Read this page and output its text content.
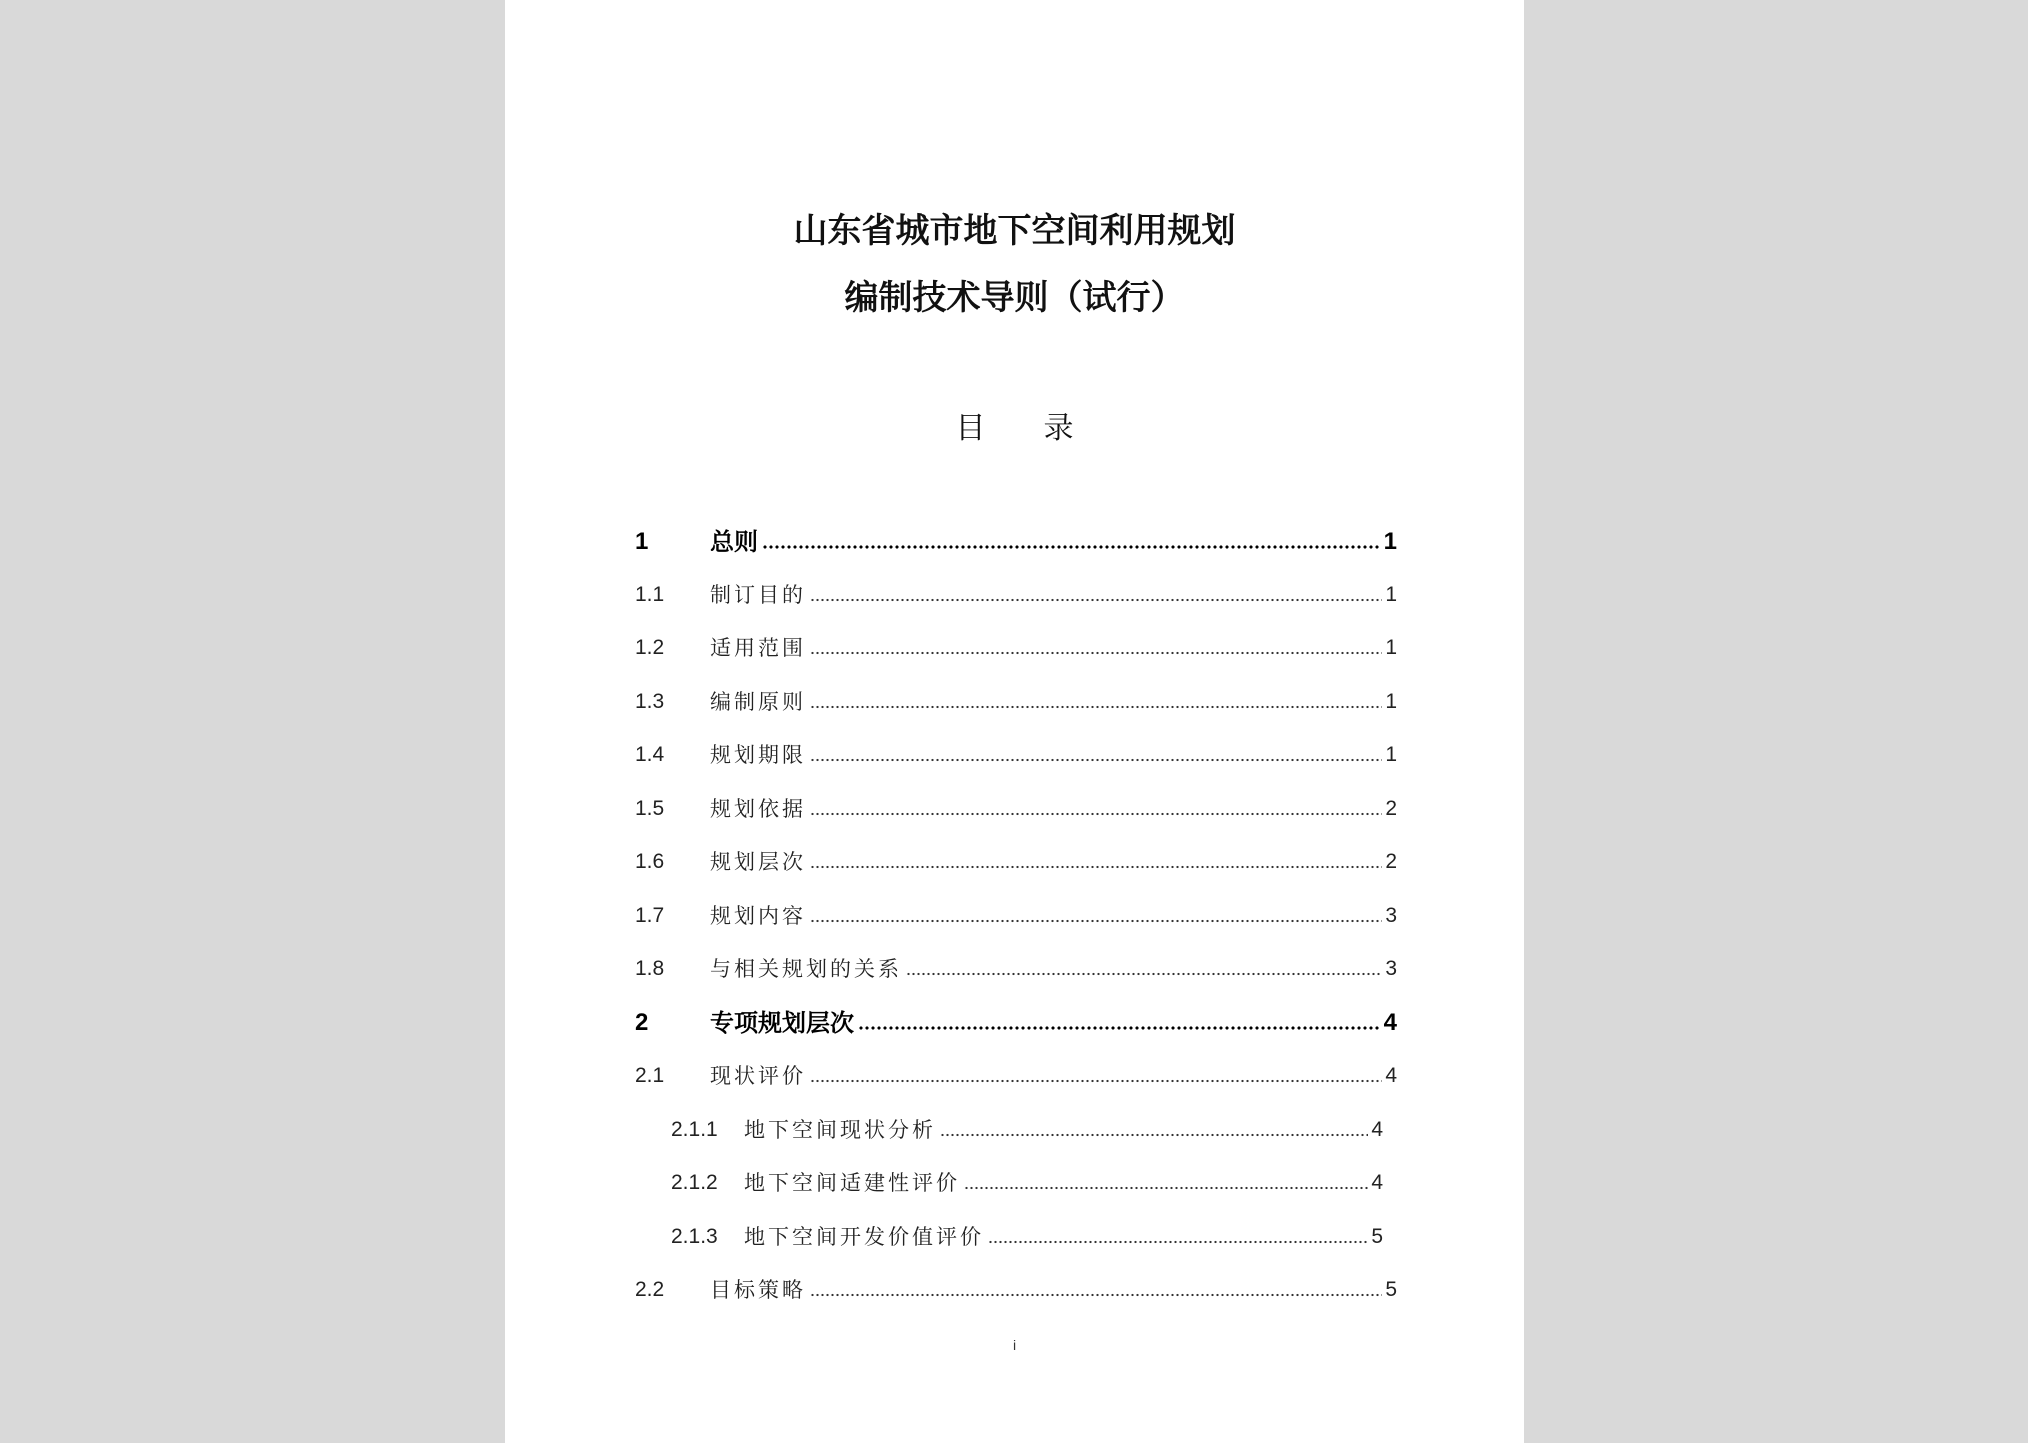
山东省城市地下空间利用规划
编制技术导则（试行）
目录
1	总则	1
1.1	制订目的	1
1.2	适用范围	1
1.3	编制原则	1
1.4	规划期限	1
1.5	规划依据	2
1.6	规划层次	2
1.7	规划内容	3
1.8	与相关规划的关系	3
2	专项规划层次	4
2.1	现状评价	4
2.1.1	地下空间现状分析	4
2.1.2	地下空间适建性评价	4
2.1.3	地下空间开发价值评价	5
2.2	目标策略	5
i
